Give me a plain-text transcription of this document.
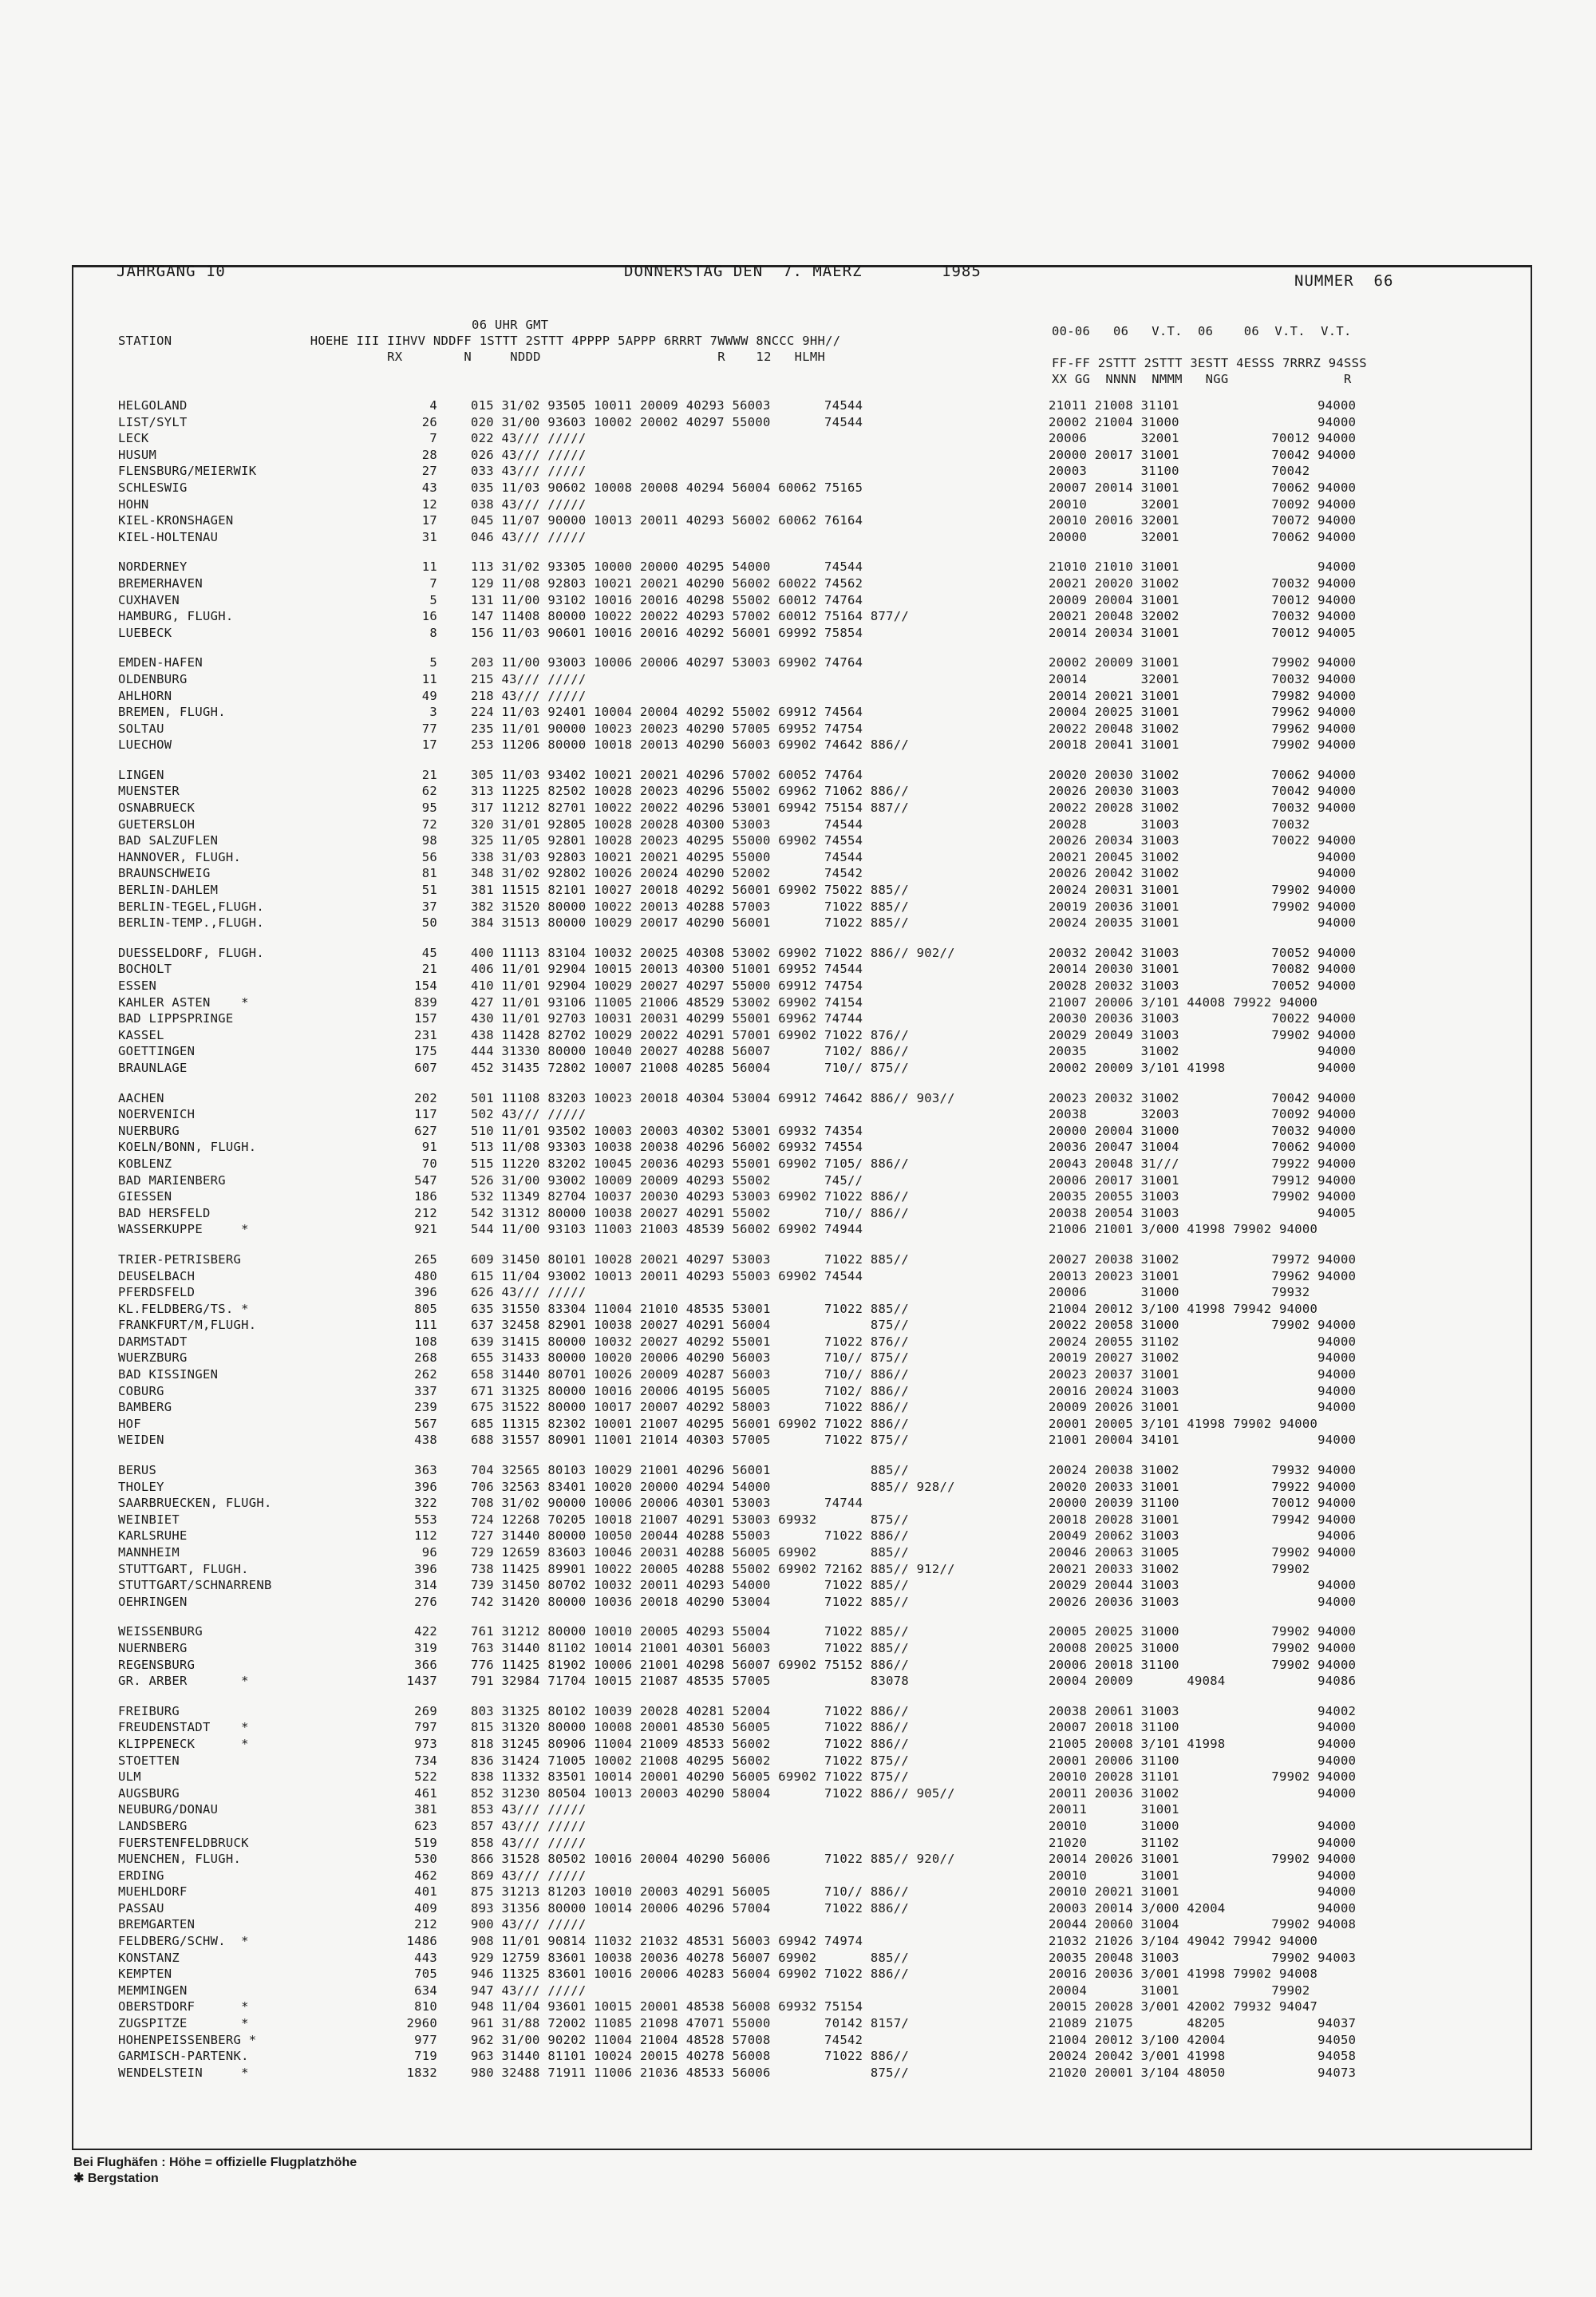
JAHRGANG 10	DONNERSTAG DEN  7. MAERZ        1985
NUMMER  66
06 UHR GMT
STATION                  HOEHE III IIHVV NDDFF 1STTT 2STTT 4PPPP 5APPP 6RRRT 7WWWW 8NCCC 9HH//
RX        N     NDDD                       R    12   HLMH
00-06   06   V.T.  06    06  V.T.  V.T.

FF-FF 2STTT 2STTT 3ESTT 4ESSS 7RRRZ 94SSS
XX GG  NNNN  NMMM   NGG               R
HELGOLAND	4	015 31/02 93505 10011 20009 40293 56003       74544	21011 21008 31101                  94000
LIST/SYLT	26	020 31/00 93603 10002 20002 40297 55000       74544	20002 21004 31000                  94000
LECK	7	022 43/// /////	20006       32001            70012 94000
HUSUM	28	026 43/// /////	20000 20017 31001            70042 94000
FLENSBURG/MEIERWIK	27	033 43/// /////	20003       31100            70042
SCHLESWIG	43	035 11/03 90602 10008 20008 40294 56004 60062 75165	20007 20014 31001            70062 94000
HOHN	12	038 43/// /////	20010       32001            70092 94000
KIEL-KRONSHAGEN	17	045 11/07 90000 10013 20011 40293 56002 60062 76164	20010 20016 32001            70072 94000
KIEL-HOLTENAU	31	046 43/// /////	20000       32001            70062 94000
NORDERNEY	11	113 31/02 93305 10000 20000 40295 54000       74544	21010 21010 31001                  94000
BREMERHAVEN	7	129 11/08 92803 10021 20021 40290 56002 60022 74562	20021 20020 31002            70032 94000
CUXHAVEN	5	131 11/00 93102 10016 20016 40298 55002 60012 74764	20009 20004 31001            70012 94000
HAMBURG, FLUGH.	16	147 11408 80000 10022 20022 40293 57002 60012 75164 877//	20021 20048 32002            70032 94000
LUEBECK	8	156 11/03 90601 10016 20016 40292 56001 69992 75854	20014 20034 31001            70012 94005
EMDEN-HAFEN	5	203 11/00 93003 10006 20006 40297 53003 69902 74764	20002 20009 31001            79902 94000
OLDENBURG	11	215 43/// /////	20014       32001            70032 94000
AHLHORN	49	218 43/// /////	20014 20021 31001            79982 94000
BREMEN, FLUGH.	3	224 11/03 92401 10004 20004 40292 55002 69912 74564	20004 20025 31001            79962 94000
SOLTAU	77	235 11/01 90000 10023 20023 40290 57005 69952 74754	20022 20048 31002            79962 94000
LUECHOW	17	253 11206 80000 10018 20013 40290 56003 69902 74642 886//	20018 20041 31001            79902 94000
LINGEN	21	305 11/03 93402 10021 20021 40296 57002 60052 74764	20020 20030 31002            70062 94000
MUENSTER	62	313 11225 82502 10028 20023 40296 55002 69962 71062 886//	20026 20030 31003            70042 94000
OSNABRUECK	95	317 11212 82701 10022 20022 40296 53001 69942 75154 887//	20022 20028 31002            70032 94000
GUETERSLOH	72	320 31/01 92805 10028 20028 40300 53003       74544	20028       31003            70032
BAD SALZUFLEN	98	325 11/05 92801 10028 20023 40295 55000 69902 74554	20026 20034 31003            70022 94000
HANNOVER, FLUGH.	56	338 31/03 92803 10021 20021 40295 55000       74544	20021 20045 31002                  94000
BRAUNSCHWEIG	81	348 31/02 92802 10026 20024 40290 52002       74542	20026 20042 31002                  94000
BERLIN-DAHLEM	51	381 11515 82101 10027 20018 40292 56001 69902 75022 885//	20024 20031 31001            79902 94000
BERLIN-TEGEL,FLUGH.	37	382 31520 80000 10022 20013 40288 57003       71022 885//	20019 20036 31001            79902 94000
BERLIN-TEMP.,FLUGH.	50	384 31513 80000 10029 20017 40290 56001       71022 885//	20024 20035 31001                  94000
DUESSELDORF, FLUGH.	45	400 11113 83104 10032 20025 40308 53002 69902 71022 886// 902//	20032 20042 31003            70052 94000
BOCHOLT	21	406 11/01 92904 10015 20013 40300 51001 69952 74544	20014 20030 31001            70082 94000
ESSEN	154	410 11/01 92904 10029 20027 40297 55000 69912 74754	20028 20032 31003            70052 94000
KAHLER ASTEN    *	839	427 11/01 93106 11005 21006 48529 53002 69902 74154	21007 20006 3/101 44008 79922 94000
BAD LIPPSPRINGE	157	430 11/01 92703 10031 20031 40299 55001 69962 74744	20030 20036 31003            70022 94000
KASSEL	231	438 11428 82702 10029 20022 40291 57001 69902 71022 876//	20029 20049 31003            79902 94000
GOETTINGEN	175	444 31330 80000 10040 20027 40288 56007       7102/ 886//	20035       31002                  94000
BRAUNLAGE	607	452 31435 72802 10007 21008 40285 56004       710// 875//	20002 20009 3/101 41998            94000
AACHEN	202	501 11108 83203 10023 20018 40304 53004 69912 74642 886// 903//	20023 20032 31002            70042 94000
NOERVENICH	117	502 43/// /////	20038       32003            70092 94000
NUERBURG	627	510 11/01 93502 10003 20003 40302 53001 69932 74354	20000 20004 31000            70032 94000
KOELN/BONN, FLUGH.	91	513 11/08 93303 10038 20038 40296 56002 69932 74554	20036 20047 31004            70062 94000
KOBLENZ	70	515 11220 83202 10045 20036 40293 55001 69902 7105/ 886//	20043 20048 31///            79922 94000
BAD MARIENBERG	547	526 31/00 93002 10009 20009 40293 55002       745//	20006 20017 31001            79912 94000
GIESSEN	186	532 11349 82704 10037 20030 40293 53003 69902 71022 886//	20035 20055 31003            79902 94000
BAD HERSFELD	212	542 31312 80000 10038 20027 40291 55002       710// 886//	20038 20054 31003                  94005
WASSERKUPPE     *	921	544 11/00 93103 11003 21003 48539 56002 69902 74944	21006 21001 3/000 41998 79902 94000
TRIER-PETRISBERG	265	609 31450 80101 10028 20021 40297 53003       71022 885//	20027 20038 31002            79972 94000
DEUSELBACH	480	615 11/04 93002 10013 20011 40293 55003 69902 74544	20013 20023 31001            79962 94000
PFERDSFELD	396	626 43/// /////	20006       31000            79932
KL.FELDBERG/TS. *	805	635 31550 83304 11004 21010 48535 53001       71022 885//	21004 20012 3/100 41998 79942 94000
FRANKFURT/M,FLUGH.	111	637 32458 82901 10038 20027 40291 56004             875//	20022 20058 31000            79902 94000
DARMSTADT	108	639 31415 80000 10032 20027 40292 55001       71022 876//	20024 20055 31102                  94000
WUERZBURG	268	655 31433 80000 10020 20006 40290 56003       710// 875//	20019 20027 31002                  94000
BAD KISSINGEN	262	658 31440 80701 10026 20009 40287 56003       710// 886//	20023 20037 31001                  94000
COBURG	337	671 31325 80000 10016 20006 40195 56005       7102/ 886//	20016 20024 31003                  94000
BAMBERG	239	675 31522 80000 10017 20007 40292 58003       71022 886//	20009 20026 31001                  94000
HOF	567	685 11315 82302 10001 21007 40295 56001 69902 71022 886//	20001 20005 3/101 41998 79902 94000
WEIDEN	438	688 31557 80901 11001 21014 40303 57005       71022 875//	21001 20004 34101                  94000
BERUS	363	704 32565 80103 10029 21001 40296 56001             885//	20024 20038 31002            79932 94000
THOLEY	396	706 32563 83401 10020 20000 40294 54000             885// 928//	20020 20033 31001            79922 94000
SAARBRUECKEN, FLUGH.	322	708 31/02 90000 10006 20006 40301 53003       74744	20000 20039 31100            70012 94000
WEINBIET	553	724 12268 70205 10018 21007 40291 53003 69932       875//	20018 20028 31001            79942 94000
KARLSRUHE	112	727 31440 80000 10050 20044 40288 55003       71022 886//	20049 20062 31003                  94006
MANNHEIM	96	729 12659 83603 10046 20031 40288 56005 69902       885//	20046 20063 31005            79902 94000
STUTTGART, FLUGH.	396	738 11425 89901 10022 20005 40288 55002 69902 72162 885// 912//	20021 20033 31002            79902
STUTTGART/SCHNARRENB	314	739 31450 80702 10032 20011 40293 54000       71022 885//	20029 20044 31003                  94000
OEHRINGEN	276	742 31420 80000 10036 20018 40290 53004       71022 885//	20026 20036 31003                  94000
WEISSENBURG	422	761 31212 80000 10010 20005 40293 55004       71022 885//	20005 20025 31000            79902 94000
NUERNBERG	319	763 31440 81102 10014 21001 40301 56003       71022 885//	20008 20025 31000            79902 94000
REGENSBURG	366	776 11425 81902 10006 21001 40298 56007 69902 75152 886//	20006 20018 31100            79902 94000
GR. ARBER       *	1437	791 32984 71704 10015 21087 48535 57005             83078	20004 20009       49084            94086
FREIBURG	269	803 31325 80102 10039 20028 40281 52004       71022 886//	20038 20061 31003                  94002
FREUDENSTADT    *	797	815 31320 80000 10008 20001 48530 56005       71022 886//	20007 20018 31100                  94000
KLIPPENECK      *	973	818 31245 80906 11004 21009 48533 56002       71022 886//	21005 20008 3/101 41998            94000
STOETTEN	734	836 31424 71005 10002 21008 40295 56002       71022 875//	20001 20006 31100                  94000
ULM	522	838 11332 83501 10014 20001 40290 56005 69902 71022 875//	20010 20028 31101            79902 94000
AUGSBURG	461	852 31230 80504 10013 20003 40290 58004       71022 886// 905//	20011 20036 31002                  94000
NEUBURG/DONAU	381	853 43/// /////	20011       31001
LANDSBERG	623	857 43/// /////	20010       31000                  94000
FUERSTENFELDBRUCK	519	858 43/// /////	21020       31102                  94000
MUENCHEN, FLUGH.	530	866 31528 80502 10016 20004 40290 56006       71022 885// 920//	20014 20026 31001            79902 94000
ERDING	462	869 43/// /////	20010       31001                  94000
MUEHLDORF	401	875 31213 81203 10010 20003 40291 56005       710// 886//	20010 20021 31001                  94000
PASSAU	409	893 31356 80000 10014 20006 40296 57004       71022 886//	20003 20014 3/000 42004            94000
BREMGARTEN	212	900 43/// /////	20044 20060 31004            79902 94008
FELDBERG/SCHW.  *	1486	908 11/01 90814 11032 21032 48531 56003 69942 74974	21032 21026 3/104 49042 79942 94000
KONSTANZ	443	929 12759 83601 10038 20036 40278 56007 69902       885//	20035 20048 31003            79902 94003
KEMPTEN	705	946 11325 83601 10016 20006 40283 56004 69902 71022 886//	20016 20036 3/001 41998 79902 94008
MEMMINGEN	634	947 43/// /////	20004       31001            79902
OBERSTDORF      *	810	948 11/04 93601 10015 20001 48538 56008 69932 75154	20015 20028 3/001 42002 79932 94047
ZUGSPITZE       *	2960	961 31/88 72002 11085 21098 47071 55000       70142 8157/	21089 21075       48205            94037
HOHENPEISSENBERG *	977	962 31/00 90202 11004 21004 48528 57008       74542	21004 20012 3/100 42004            94050
GARMISCH-PARTENK.	719	963 31440 81101 10024 20015 40278 56008       71022 886//	20024 20042 3/001 41998            94058
WENDELSTEIN     *	1832	980 32488 71911 11006 21036 48533 56006             875//	21020 20001 3/104 48050            94073
Bei Flughäfen : Höhe = offizielle Flugplatzhöhe
✱ Bergstation
